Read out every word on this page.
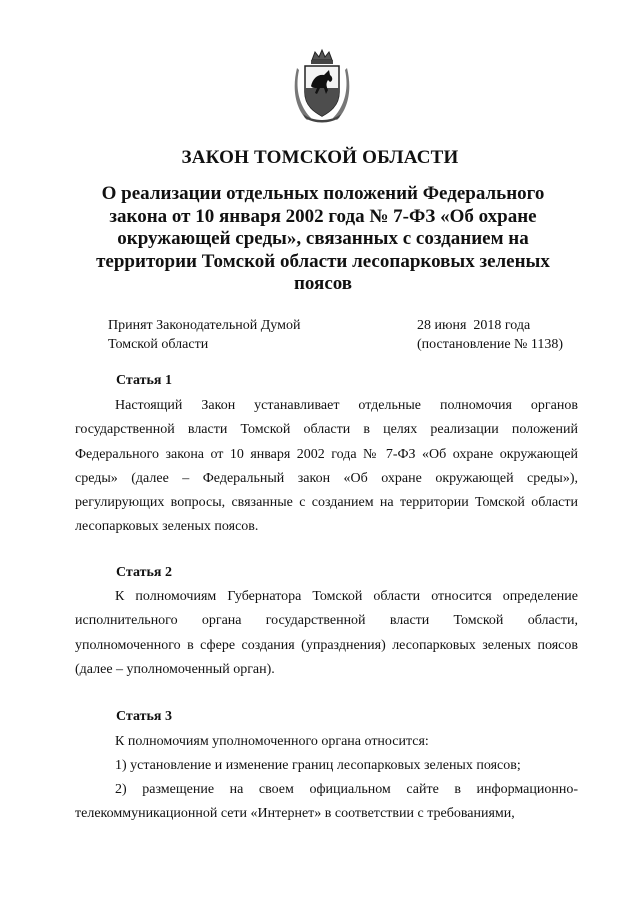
ЗАКОН ТОМСКОЙ ОБЛАСТИ
О реализации отдельных положений Федерального закона от 10 января 2002 года № 7-ФЗ «Об охране окружающей среды», связанных с созданием на территории Томской области лесопарковых зеленых поясов
Принят Законодательной Думой
Томской области
28 июня  2018 года
(постановление № 1138)
Статья 1

Настоящий Закон устанавливает отдельные полномочия органов государственной власти Томской области в целях реализации положений Федерального закона от 10 января 2002 года № 7-ФЗ «Об охране окружающей среды» (далее – Федеральный закон «Об охране окружающей среды»), регулирующих вопросы, связанные с созданием на территории Томской области лесопарковых зеленых поясов.

Статья 2

К полномочиям Губернатора Томской области относится определение исполнительного органа государственной власти Томской области, уполномоченного в сфере создания (упразднения) лесопарковых зеленых поясов (далее – уполномоченный орган).

Статья 3

К полномочиям уполномоченного органа относится:

1) установление и изменение границ лесопарковых зеленых поясов;

2) размещение на своем официальном сайте в информационно-телекоммуникационной сети «Интернет» в соответствии с требованиями,
